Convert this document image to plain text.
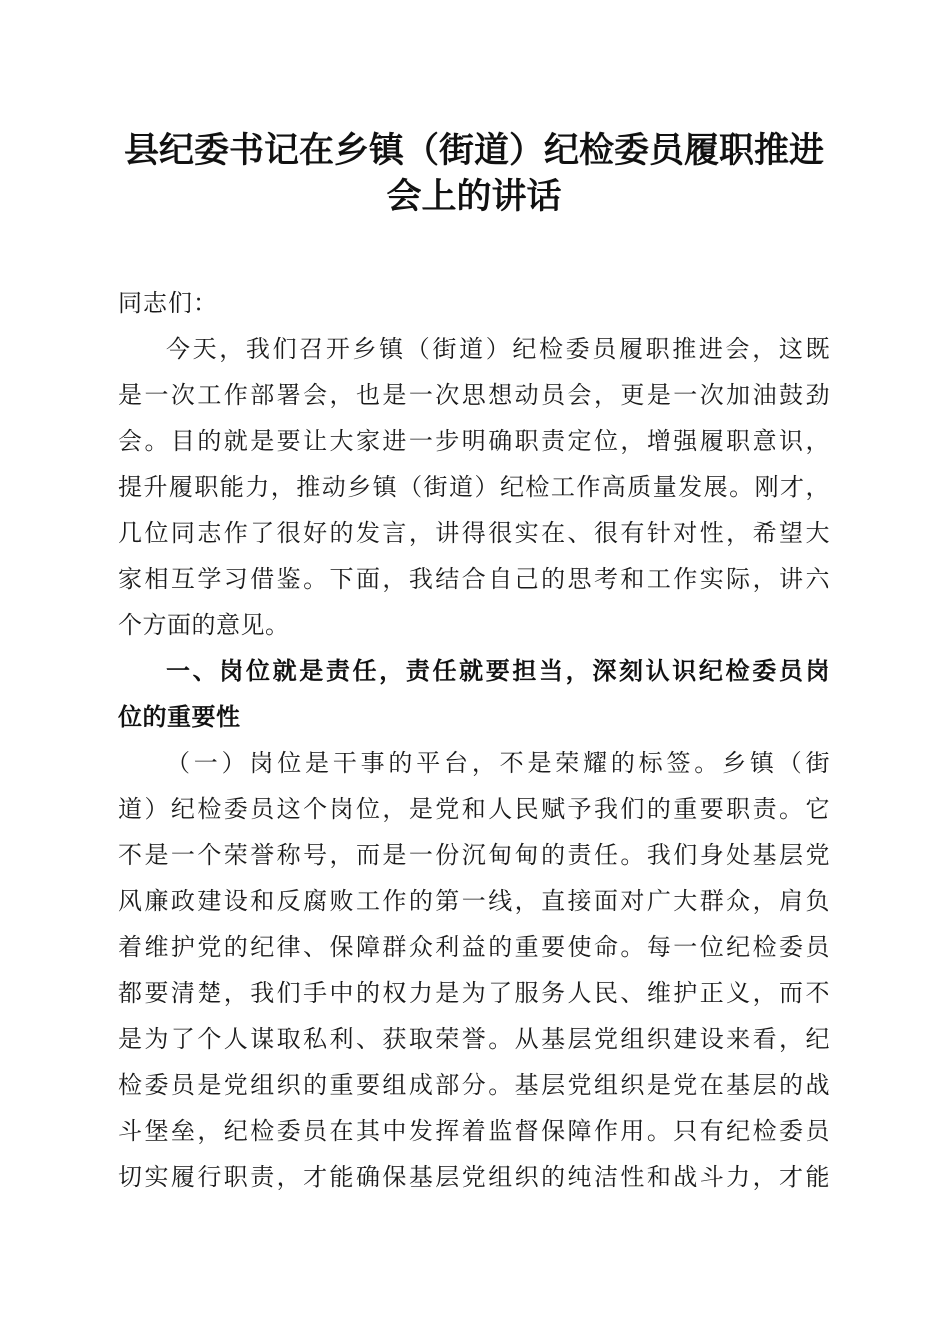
县纪委书记在乡镇（街道）纪检委员履职推进
会上的讲话

同志们：

今天，我们召开乡镇（街道）纪检委员履职推进会，这既
是一次工作部署会，也是一次思想动员会，更是一次加油鼓劲
会。目的就是要让大家进一步明确职责定位，增强履职意识，
提升履职能力，推动乡镇（街道）纪检工作高质量发展。刚才，
几位同志作了很好的发言，讲得很实在、很有针对性，希望大
家相互学习借鉴。下面，我结合自己的思考和工作实际，讲六
个方面的意见。
一、岗位就是责任，责任就要担当，深刻认识纪检委员岗
位的重要性
（一）岗位是干事的平台，不是荣耀的标签。乡镇（街
道）纪检委员这个岗位，是党和人民赋予我们的重要职责。它
不是一个荣誉称号，而是一份沉甸甸的责任。我们身处基层党
风廉政建设和反腐败工作的第一线，直接面对广大群众，肩负
着维护党的纪律、保障群众利益的重要使命。每一位纪检委员
都要清楚，我们手中的权力是为了服务人民、维护正义，而不
是为了个人谋取私利、获取荣誉。从基层党组织建设来看，纪
检委员是党组织的重要组成部分。基层党组织是党在基层的战
斗堡垒，纪检委员在其中发挥着监督保障作用。只有纪检委员
切实履行职责，才能确保基层党组织的纯洁性和战斗力，才能
